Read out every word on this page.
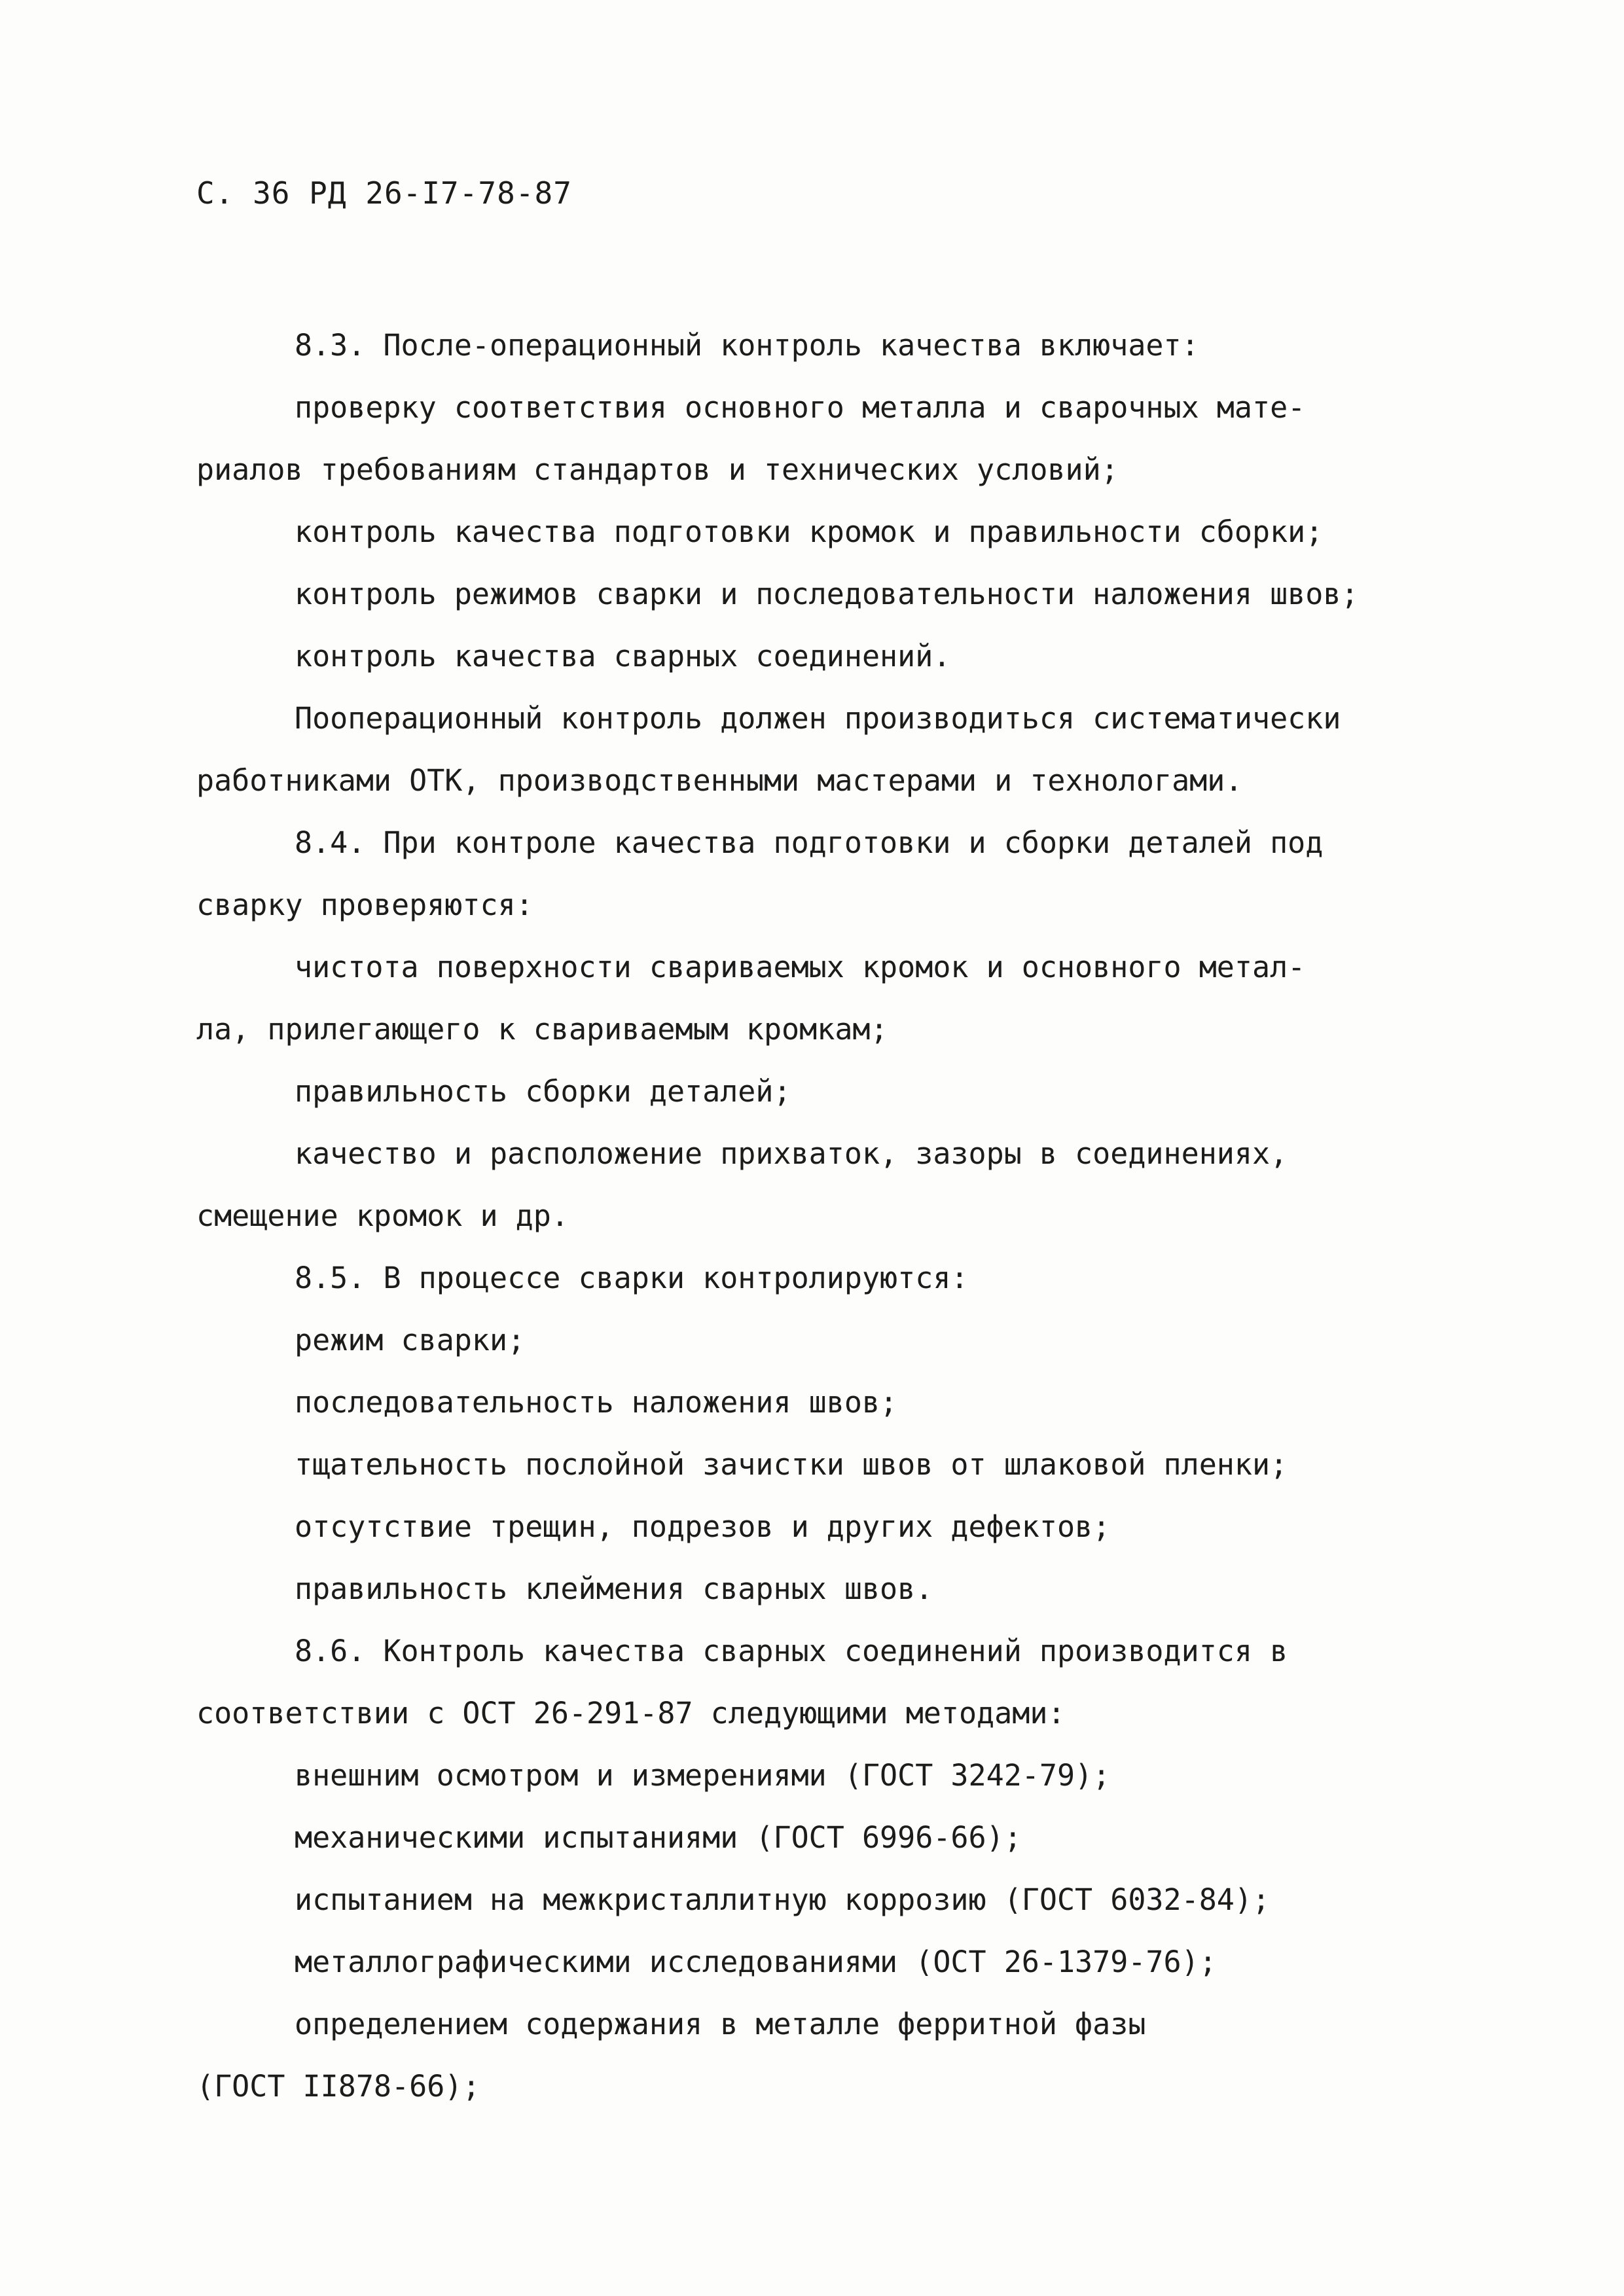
С. 36 РД 26-I7-78-87
8.3. После-операционный контроль качества включает:
проверку соответствия основного металла и сварочных мате-
риалов требованиям стандартов и технических условий;
контроль качества подготовки кромок и правильности сборки;
контроль режимов сварки и последовательности наложения швов;
контроль качества сварных соединений.
Пооперационный контроль должен производиться систематически
работниками ОТК, производственными мастерами и технологами.
8.4. При контроле качества подготовки и сборки деталей под
сварку проверяются:
чистота поверхности свариваемых кромок и основного метал-
ла, прилегающего к свариваемым кромкам;
правильность сборки деталей;
качество и расположение прихваток, зазоры в соединениях,
смещение кромок и др.
8.5. В процессе сварки контролируются:
режим сварки;
последовательность наложения швов;
тщательность послойной зачистки швов от шлаковой пленки;
отсутствие трещин, подрезов и других дефектов;
правильность клеймения сварных швов.
8.6. Контроль качества сварных соединений производится в
соответствии с ОСТ 26-291-87 следующими методами:
внешним осмотром и измерениями (ГОСТ 3242-79);
механическими испытаниями (ГОСТ 6996-66);
испытанием на межкристаллитную коррозию (ГОСТ 6032-84);
металлографическими исследованиями (ОСТ 26-1379-76);
определением содержания в металле ферритной фазы
(ГОСТ II878-66);
